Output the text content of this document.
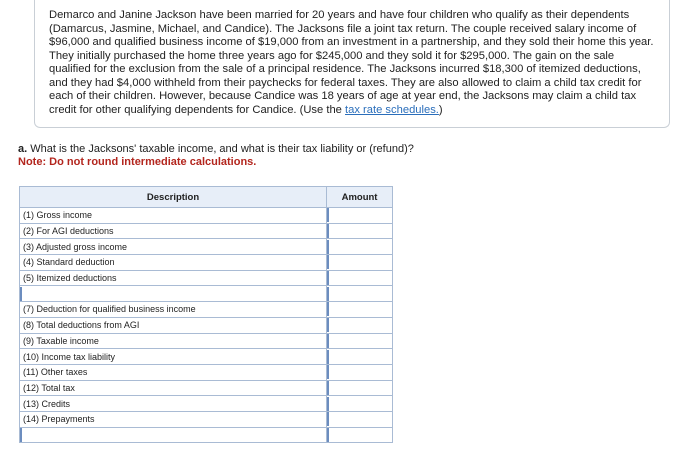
Demarco and Janine Jackson have been married for 20 years and have four children who qualify as their dependents (Damarcus, Jasmine, Michael, and Candice). The Jacksons file a joint tax return. The couple received salary income of $96,000 and qualified business income of $19,000 from an investment in a partnership, and they sold their home this year. They initially purchased the home three years ago for $245,000 and they sold it for $295,000. The gain on the sale qualified for the exclusion from the sale of a principal residence. The Jacksons incurred $18,300 of itemized deductions, and they had $4,000 withheld from their paychecks for federal taxes. They are also allowed to claim a child tax credit for each of their children. However, because Candice was 18 years of age at year end, the Jacksons may claim a child tax credit for other qualifying dependents for Candice. (Use the tax rate schedules.)

a. What is the Jacksons' taxable income, and what is their tax liability or (refund)?
Note: Do not round intermediate calculations.
Description	Amount
(1) Gross income	

(2) For AGI deductions	

(3) Adjusted gross income	

(4) Standard deduction	

(5) Itemized deductions	

(7) Deduction for qualified business income	

(8) Total deductions from AGI	

(9) Taxable income	

(10) Income tax liability	

(11) Other taxes	

(12) Total tax	

(13) Credits	

(14) Prepayments	
